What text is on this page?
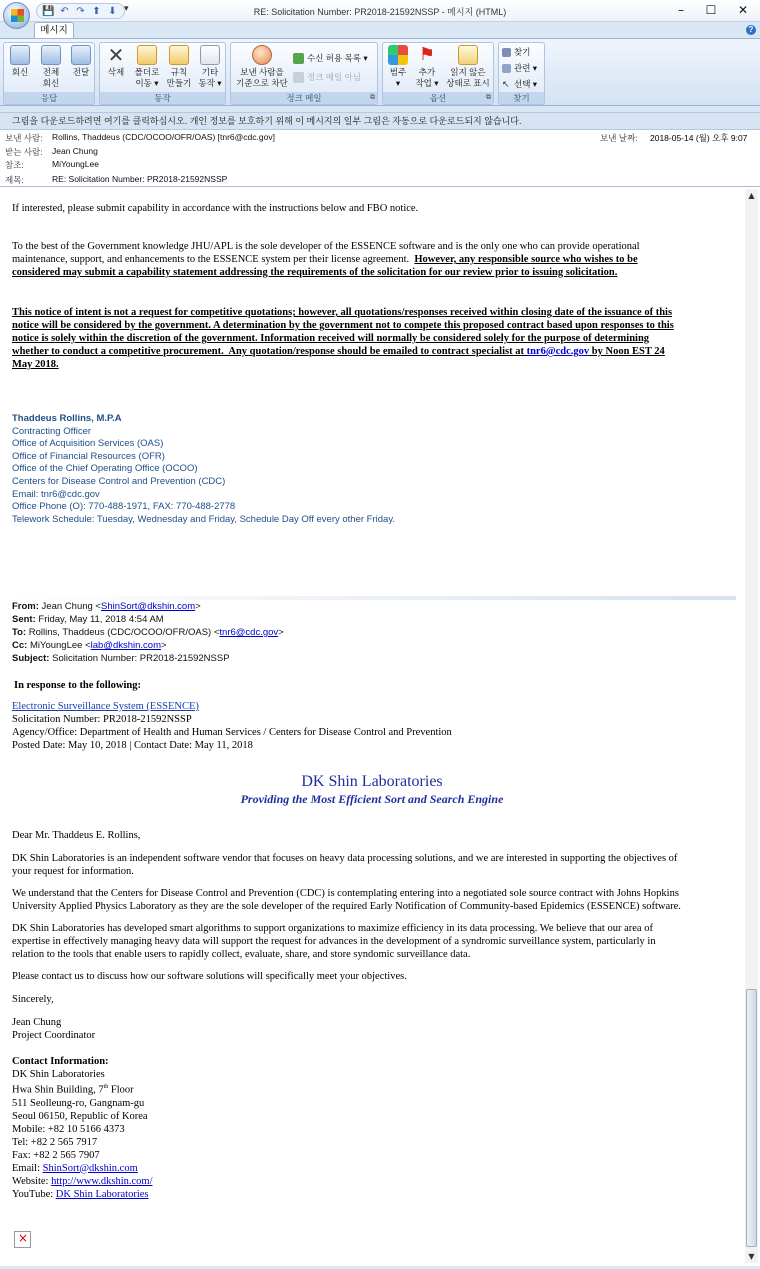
💾 ↶ ↷ ⬆ ⬇ ▾	RE: Solicitation Number: PR2018-21592NSSP - 메시지 (HTML)	–	☐	✕
메시지	?
회신	전체
회신
전달
응답
✕
삭제	폴더로
이동 ▾
규칙
만들기
기타
동작 ▾
동작
보낸 사람을
기준으로 차단
수신 허용 목록 ▾
정크 메일 아님
정크 메일	⧉
범주
▾
⚑
추가
작업 ▾
읽지 않은
상태로 표시
옵션	⧉
찾기
관련 ▾
↖ 선택 ▾
찾기
그림을 다운로드하려면 여기를 클릭하십시오. 개인 정보를 보호하기 위해 이 메시지의 일부 그림은 자동으로 다운로드되지 않습니다.
보낸 사람: Rollins, Thaddeus (CDC/OCOO/OFR/OAS) [tnr6@cdc.gov]	보낸 날짜: 2018-05-14 (월) 오후 9:07
받는 사람: Jean Chung
참조:	MiYoungLee
제목:	RE: Solicitation Number: PR2018-21592NSSP
If interested, please submit capability in accordance with the instructions below and FBO notice.
To the best of the Government knowledge JHU/APL is the sole developer of the ESSENCE software and is the only one who can provide operational
maintenance, support, and enhancements to the ESSENCE system per their license agreement.  However, any responsible source who wishes to be
considered may submit a capability statement addressing the requirements of the solicitation for our review prior to issuing solicitation.
This notice of intent is not a request for competitive quotations; however, all quotations/responses received within closing date of the issuance of this
notice will be considered by the government. A determination by the government not to compete this proposed contract based upon responses to this
notice is solely within the discretion of the government. Information received will normally be considered solely for the purpose of determining
whether to conduct a competitive procurement.  Any quotation/response should be emailed to contract specialist at tnr6@cdc.gov by Noon EST 24
May 2018.
Thaddeus Rollins, M.P.A
Contracting Officer
Office of Acquisition Services (OAS)
Office of Financial Resources (OFR)
Office of the Chief Operating Office (OCOO)
Centers for Disease Control and Prevention (CDC)
Email: tnr6@cdc.gov
Office Phone (O): 770-488-1971, FAX: 770-488-2778
Telework Schedule: Tuesday, Wednesday and Friday, Schedule Day Off every other Friday.
From: Jean Chung <ShinSort@dkshin.com>
Sent: Friday, May 11, 2018 4:54 AM
To: Rollins, Thaddeus (CDC/OCOO/OFR/OAS) <tnr6@cdc.gov>
Cc: MiYoungLee <lab@dkshin.com>
Subject: Solicitation Number: PR2018-21592NSSP
In response to the following:
Electronic Surveillance System (ESSENCE)
Solicitation Number: PR2018-21592NSSP
Agency/Office: Department of Health and Human Services / Centers for Disease Control and Prevention
Posted Date: May 10, 2018 | Contact Date: May 11, 2018
DK Shin Laboratories
Providing the Most Efficient Sort and Search Engine
Dear Mr. Thaddeus E. Rollins,
DK Shin Laboratories is an independent software vendor that focuses on heavy data processing solutions, and we are interested in supporting the objectives of
your request for information.
We understand that the Centers for Disease Control and Prevention (CDC) is contemplating entering into a negotiated sole source contract with Johns Hopkins
University Applied Physics Laboratory as they are the sole developer of the required Early Notification of Community-based Epidemics (ESSENCE) software.
DK Shin Laboratories has developed smart algorithms to support organizations to maximize efficiency in its data processing. We believe that our area of
expertise in effectively managing heavy data will support the request for advances in the development of a syndromic surveillance system, particularly in
relation to the tools that enable users to rapidly collect, evaluate, share, and store syndomic surveillance data.
Please contact us to discuss how our software solutions will specifically meet your objectives.
Sincerely,
Jean Chung
Project Coordinator
Contact Information:
DK Shin Laboratories
Hwa Shin Building, 7th Floor
511 Seolleung-ro, Gangnam-gu
Seoul 06150, Republic of Korea
Mobile: +82 10 5166 4373
Tel: +82 2 565 7917
Fax: +82 2 565 7907
Email: ShinSort@dkshin.com
Website: http://www.dkshin.com/
YouTube: DK Shin Laboratories
×
▲
▼
